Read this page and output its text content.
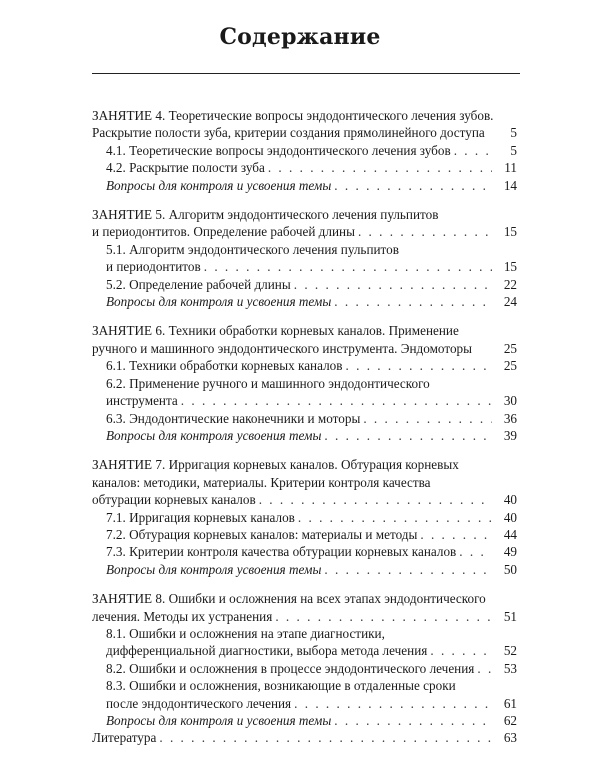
Содержание
ЗАНЯТИЕ 4. Теоретические вопросы эндодонтического лечения зубов.
Раскрытие полости зуба, критерии создания прямолинейного доступа	5
4.1. Теоретические вопросы эндодонтического лечения зубов . . .	5
4.2. Раскрытие полости зуба . . .	11
Вопросы для контроля и усвоения темы . . .	14
ЗАНЯТИЕ 5. Алгоритм эндодонтического лечения пульпитов
и периодонтитов. Определение рабочей длины . . .	15
5.1. Алгоритм эндодонтического лечения пульпитов
и периодонтитов . . .	15
5.2. Определение рабочей длины . . .	22
Вопросы для контроля и усвоения темы . . .	24
ЗАНЯТИЕ 6. Техники обработки корневых каналов. Применение
ручного и машинного эндодонтического инструмента. Эндомоторы	25
6.1. Техники обработки корневых каналов . . .	25
6.2. Применение ручного и машинного эндодонтического
инструмента . . .	30
6.3. Эндодонтические наконечники и моторы . . .	36
Вопросы для контроля усвоения темы . . .	39
ЗАНЯТИЕ 7. Ирригация корневых каналов. Обтурация корневых
каналов: методики, материалы. Критерии контроля качества
обтурации корневых каналов . . .	40
7.1. Ирригация корневых каналов . . .	40
7.2. Обтурация корневых каналов: материалы и методы . . .	44
7.3. Критерии контроля качества обтурации корневых каналов . . .	49
Вопросы для контроля усвоения темы . . .	50
ЗАНЯТИЕ 8. Ошибки и осложнения на всех этапах эндодонтического
лечения. Методы их устранения . . .	51
8.1. Ошибки и осложнения на этапе диагностики,
дифференциальной диагностики, выбора метода лечения . . .	52
8.2. Ошибки и осложнения в процессе эндодонтического лечения . . .	53
8.3. Ошибки и осложнения, возникающие в отдаленные сроки
после эндодонтического лечения . . .	61
Вопросы для контроля и усвоения темы . . .	62
Литература . . .	63
